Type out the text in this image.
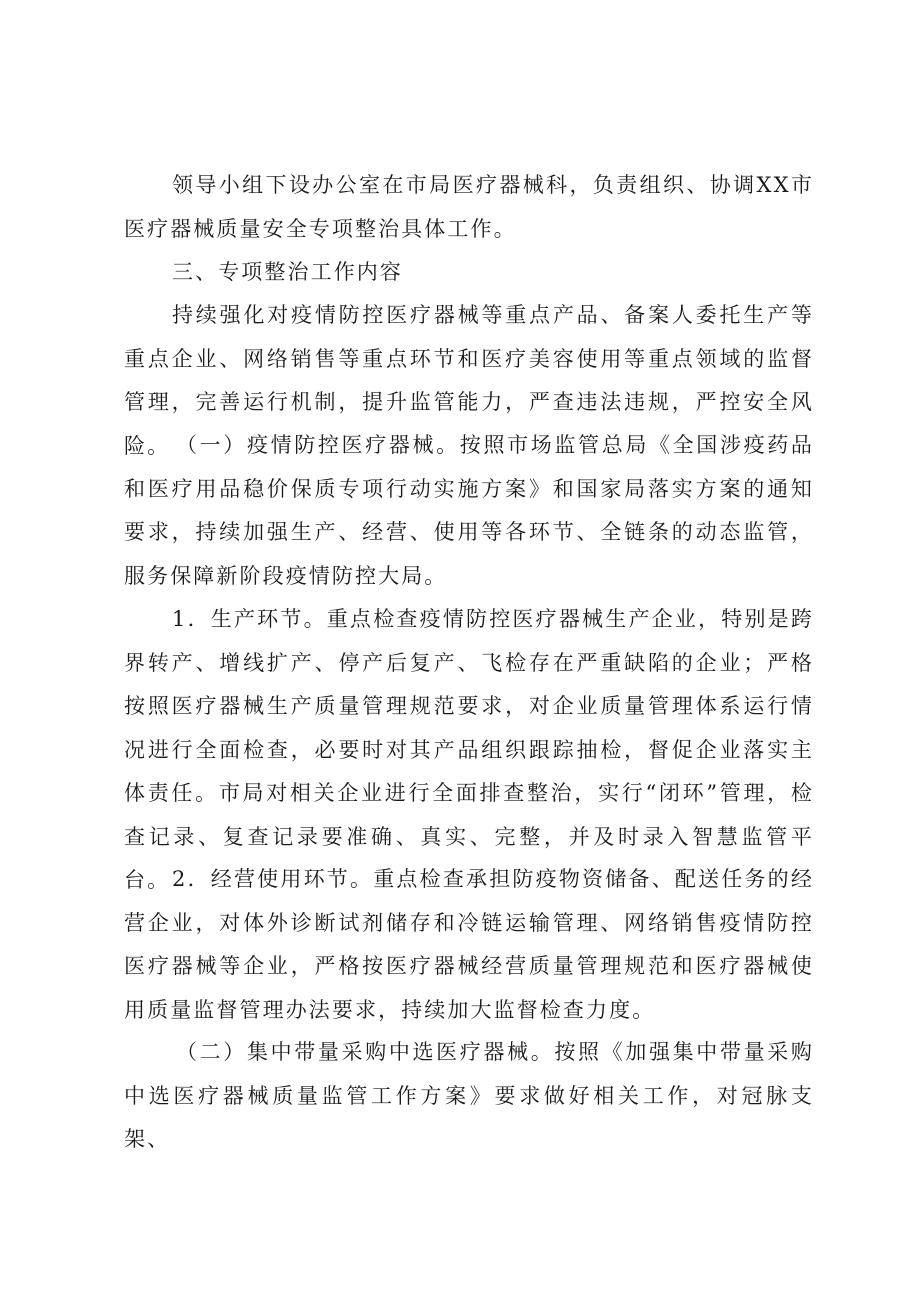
领导小组下设办公室在市局医疗器械科，负责组织、协调XX市医疗器械质量安全专项整治具体工作。

三、专项整治工作内容

持续强化对疫情防控医疗器械等重点产品、备案人委托生产等重点企业、网络销售等重点环节和医疗美容使用等重点领域的监督管理，完善运行机制，提升监管能力，严查违法违规，严控安全风险。 （一）疫情防控医疗器械。按照市场监管总局《全国涉疫药品和医疗用品稳价保质专项行动实施方案》和国家局落实方案的通知要求，持续加强生产、经营、使用等各环节、全链条的动态监管，服务保障新阶段疫情防控大局。

1．生产环节。重点检查疫情防控医疗器械生产企业，特别是跨界转产、增线扩产、停产后复产、飞检存在严重缺陷的企业；严格按照医疗器械生产质量管理规范要求，对企业质量管理体系运行情况进行全面检查，必要时对其产品组织跟踪抽检，督促企业落实主体责任。市局对相关企业进行全面排查整治，实行“闭环”管理，检查记录、复查记录要准确、真实、完整，并及时录入智慧监管平台。 2．经营使用环节。重点检查承担防疫物资储备、配送任务的经营企业，对体外诊断试剂储存和冷链运输管理、网络销售疫情防控医疗器械等企业，严格按医疗器械经营质量管理规范和医疗器械使用质量监督管理办法要求，持续加大监督检查力度。

（二）集中带量采购中选医疗器械。按照《加强集中带量采购中选医疗器械质量监管工作方案》要求做好相关工作，对冠脉支架、
